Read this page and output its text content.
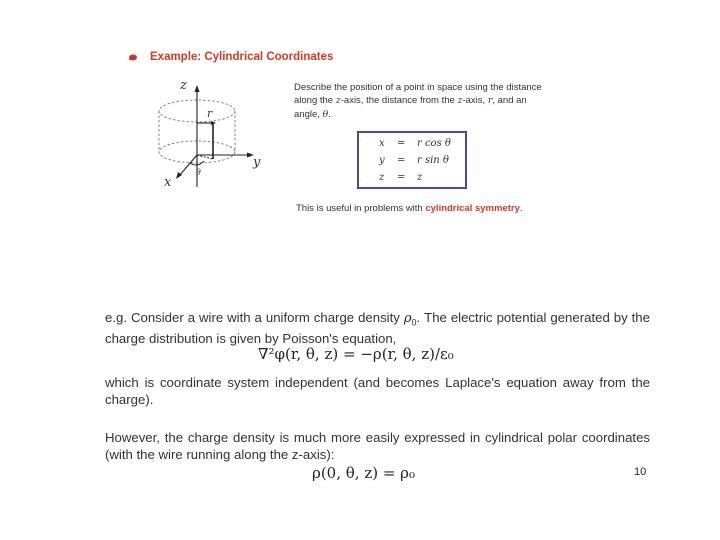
Example: Cylindrical Coordinates
z
r
y
x
θ
Describe the position of a point in space using the distance along the z-axis, the distance from the z-axis, r, and an angle, θ.
x = r cos θ
y = r sin θ
z = z
This is useful in problems with cylindrical symmetry.
e.g. Consider a wire with a uniform charge density $\rho_0$. The electric potential generated by the charge distribution is given by Poisson's equation,
∇²φ(r, θ, z) = −ρ(r, θ, z)/ε₀
which is coordinate system independent (and becomes Laplace's equation away from the charge).
However, the charge density is much more easily expressed in cylindrical polar coordinates (with the wire running along the z-axis):
ρ(0, θ, z) = ρ₀	10
